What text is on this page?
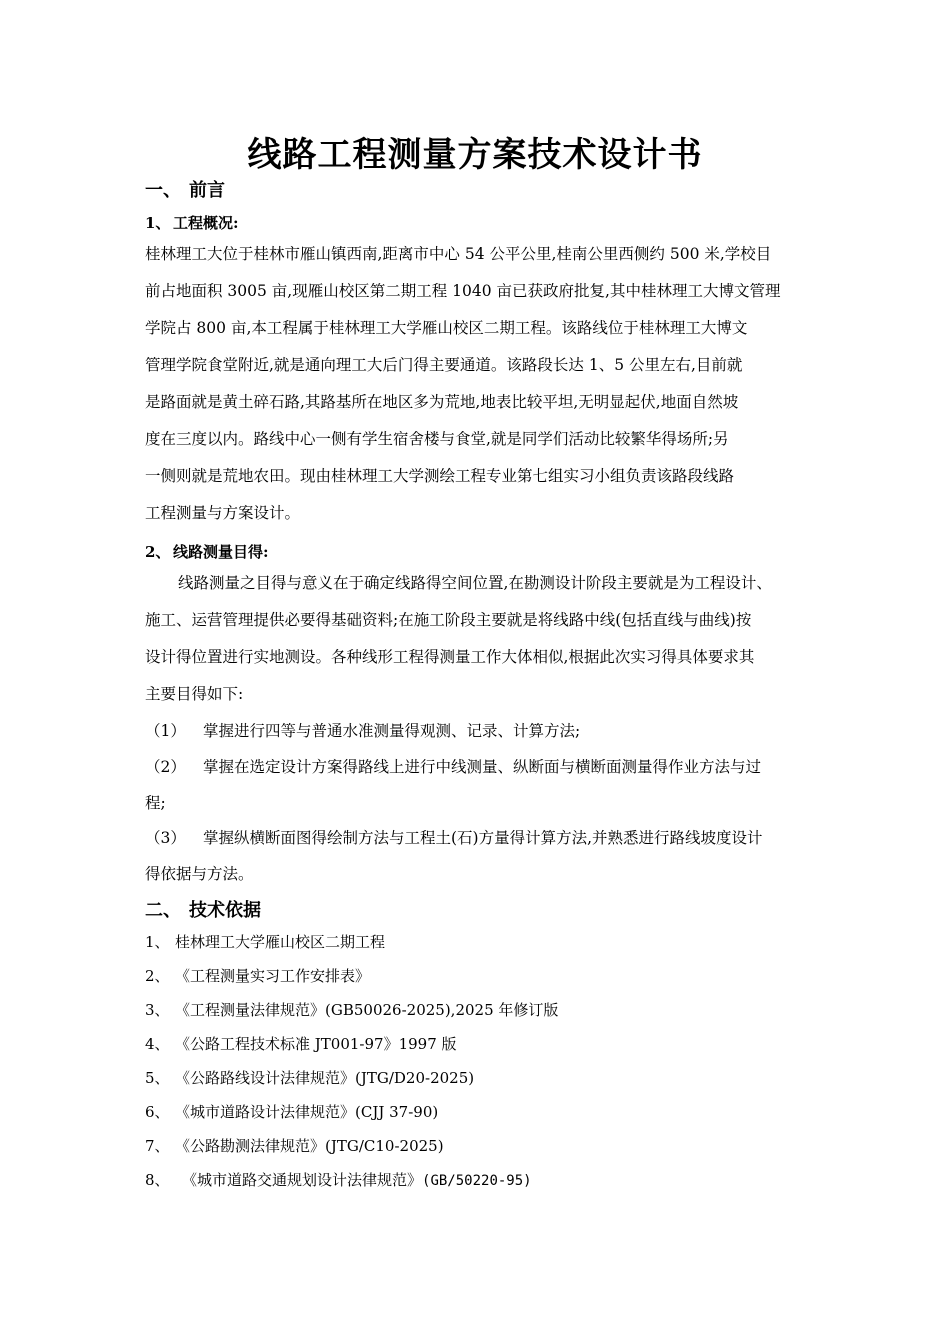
线路工程测量方案技术设计书
一、 前言
1、 工程概况:
桂林理工大位于桂林市雁山镇西南,距离市中心 54 公平公里,桂南公里西侧约 500 米,学校目
前占地面积 3005 亩,现雁山校区第二期工程 1040 亩已获政府批复,其中桂林理工大博文管理
学院占 800 亩,本工程属于桂林理工大学雁山校区二期工程。该路线位于桂林理工大博文
管理学院食堂附近,就是通向理工大后门得主要通道。该路段长达 1、5 公里左右,目前就
是路面就是黄土碎石路,其路基所在地区多为荒地,地表比较平坦,无明显起伏,地面自然坡
度在三度以内。路线中心一侧有学生宿舍楼与食堂,就是同学们活动比较繁华得场所;另
一侧则就是荒地农田。现由桂林理工大学测绘工程专业第七组实习小组负责该路段线路
工程测量与方案设计。
2、 线路测量目得:
线路测量之目得与意义在于确定线路得空间位置,在勘测设计阶段主要就是为工程设计、
施工、运营管理提供必要得基础资料;在施工阶段主要就是将线路中线(包括直线与曲线)按
设计得位置进行实地测设。各种线形工程得测量工作大体相似,根据此次实习得具体要求其
主要目得如下:
（1） 掌握进行四等与普通水准测量得观测、记录、计算方法;
（2） 掌握在选定设计方案得路线上进行中线测量、纵断面与横断面测量得作业方法与过
程;
（3） 掌握纵横断面图得绘制方法与工程土(石)方量得计算方法,并熟悉进行路线坡度设计
得依据与方法。
二、 技术依据
1、 桂林理工大学雁山校区二期工程
2、 《工程测量实习工作安排表》
3、 《工程测量法律规范》(GB50026-2025),2025 年修订版
4、 《公路工程技术标准 JT001-97》1997 版
5、 《公路路线设计法律规范》(JTG/D20-2025)
6、 《城市道路设计法律规范》(CJJ 37-90)
7、 《公路勘测法律规范》(JTG/C10-2025)
8、 《城市道路交通规划设计法律规范》(GB/50220-95)
